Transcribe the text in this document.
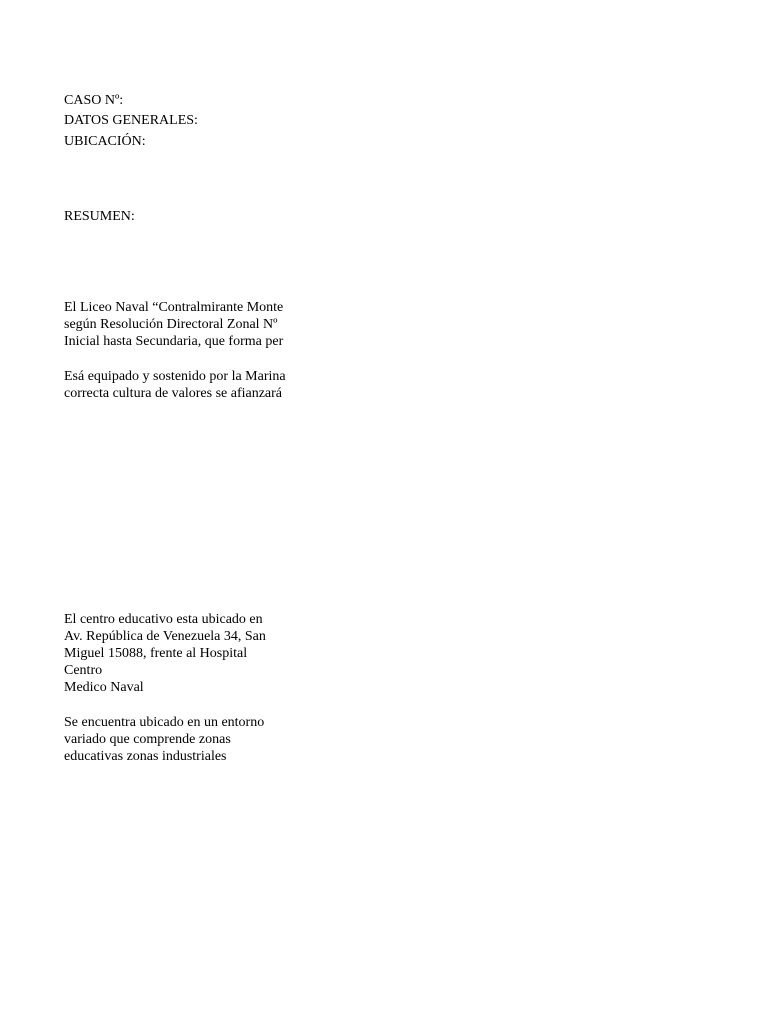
CASO Nº:
DATOS GENERALES:
UBICACIÓN:
RESUMEN:
El Liceo Naval “Contralmirante Monte
según Resolución Directoral Zonal Nº
Inicial hasta Secundaria, que forma per
Esá equipado y sostenido por la Marina
correcta cultura de valores se afianzará
El centro educativo esta ubicado en
Av. República de Venezuela 34, San
Miguel 15088, frente al Hospital
Centro
Medico Naval
Se encuentra ubicado en un entorno
variado que comprende zonas
educativas zonas industriales
